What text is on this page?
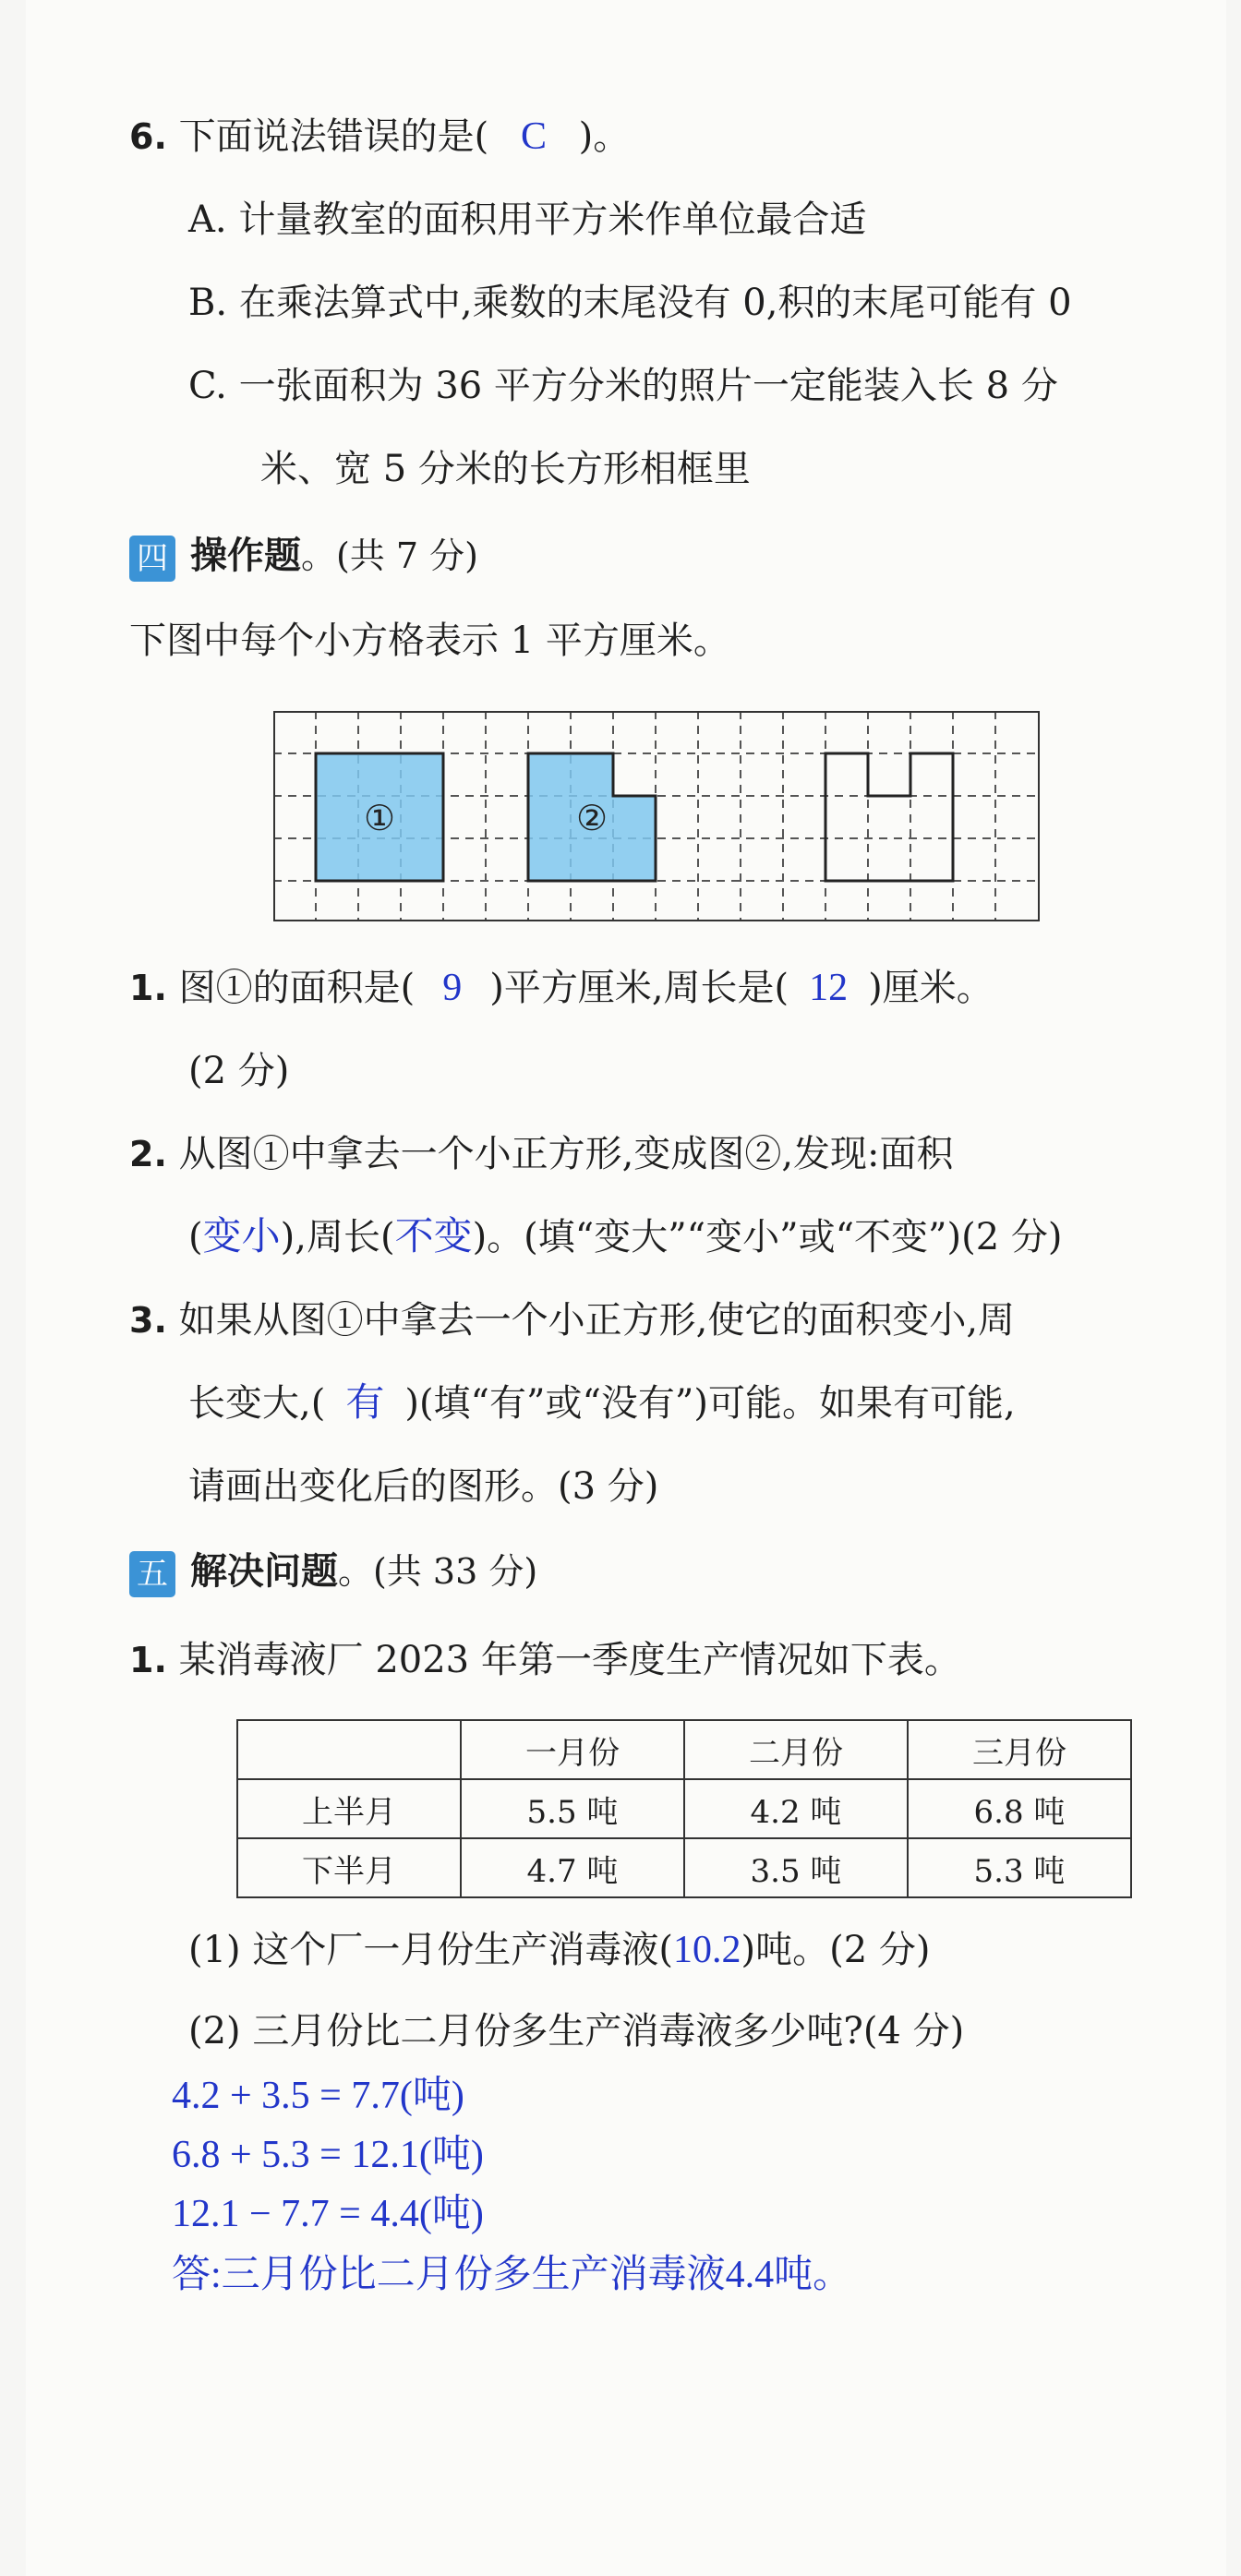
6. 下面说法错误的是( C )。
A. 计量教室的面积用平方米作单位最合适
B. 在乘法算式中,乘数的末尾没有 0,积的末尾可能有 0
C. 一张面积为 36 平方分米的照片一定能装入长 8 分
米、宽 5 分米的长方形相框里
四 操作题。(共 7 分)
下图中每个小方格表示 1 平方厘米。
①	②
1. 图①的面积是( 9 )平方厘米,周长是( 12 )厘米。
(2 分)
2. 从图①中拿去一个小正方形,变成图②,发现:面积
(变小),周长(不变)。(填“变大”“变小”或“不变”)(2 分)
3. 如果从图①中拿去一个小正方形,使它的面积变小,周
长变大,( 有 )(填“有”或“没有”)可能。如果有可能,
请画出变化后的图形。(3 分)
五 解决问题。(共 33 分)
1. 某消毒液厂 2023 年第一季度生产情况如下表。
	一月份	二月份	三月份
上半月	5.5 吨	4.2 吨	6.8 吨
下半月	4.7 吨	3.5 吨	5.3 吨
(1) 这个厂一月份生产消毒液(10.2)吨。(2 分)
(2) 三月份比二月份多生产消毒液多少吨?(4 分)
4.2 + 3.5 = 7.7(吨)
6.8 + 5.3 = 12.1(吨)
12.1 − 7.7 = 4.4(吨)
答:三月份比二月份多生产消毒液4.4吨。
